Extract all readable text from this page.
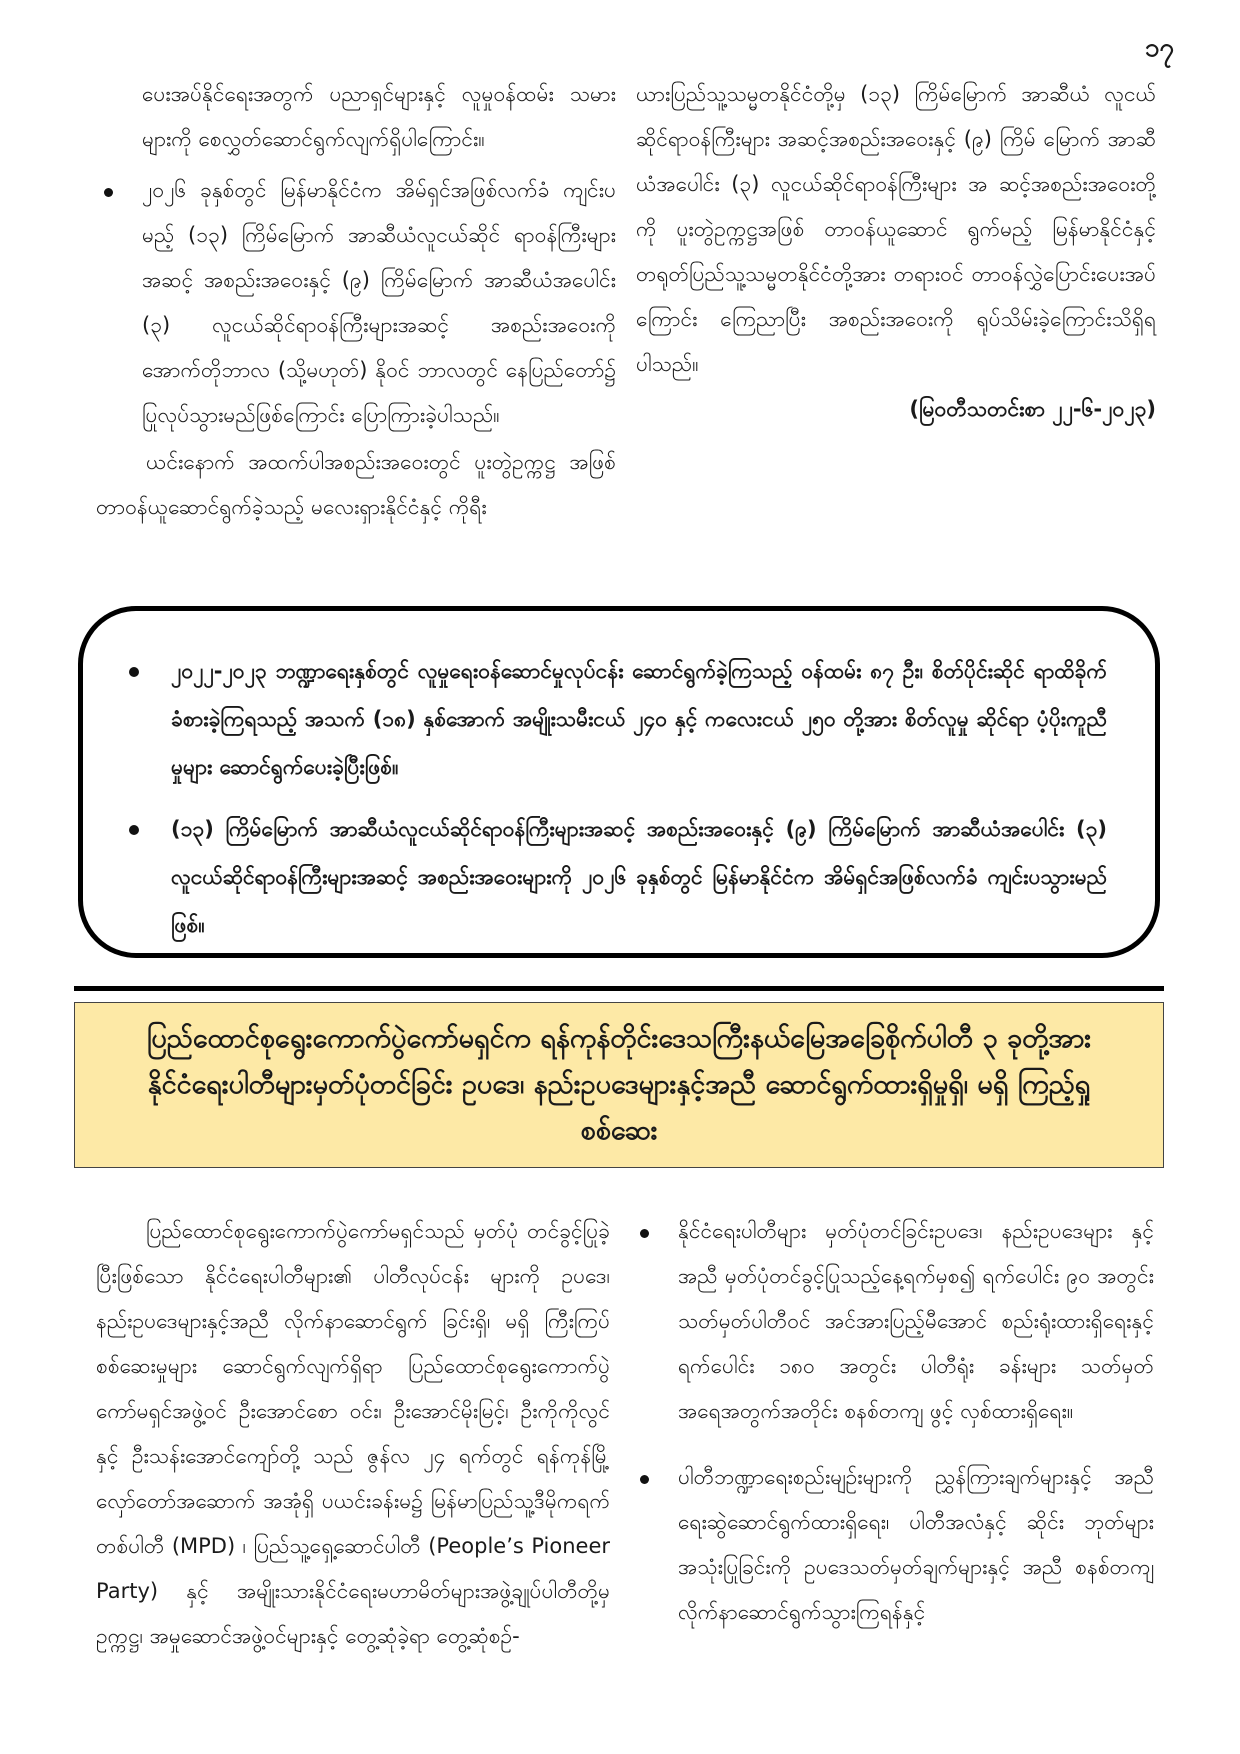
၁၇

ပေးအပ်နိုင်ရေးအတွက် ပညာရှင်များနှင့် လူမှုဝန်ထမ်း သမားများကို စေလွှတ်ဆောင်ရွက်လျက်ရှိပါကြောင်း။

၂၀၂၆ ခုနှစ်တွင် မြန်မာနိုင်ငံက အိမ်ရှင်အဖြစ်လက်ခံ ကျင်းပမည့် (၁၃) ကြိမ်မြောက် အာဆီယံလူငယ်ဆိုင် ရာဝန်ကြီးများအဆင့် အစည်းအဝေးနှင့် (၉) ကြိမ်မြောက် အာဆီယံအပေါင်း (၃) လူငယ်ဆိုင်ရာဝန်ကြီးများအဆင့် အစည်းအဝေးကို အောက်တိုဘာလ (သို့မဟုတ်) နိုဝင် ဘာလတွင် နေပြည်တော်၌ ပြုလုပ်သွားမည်ဖြစ်ကြောင်း ပြောကြားခဲ့ပါသည်။

ယင်းနောက် အထက်ပါအစည်းအဝေးတွင် ပူးတွဲဥက္ကဋ္ဌ အဖြစ် တာဝန်ယူဆောင်ရွက်ခဲ့သည့် မလေးရှားနိုင်ငံနှင့် ကိုရီး

ယားပြည်သူ့သမ္မတနိုင်ငံတို့မှ (၁၃) ကြိမ်မြောက် အာဆီယံ လူငယ်ဆိုင်ရာဝန်ကြီးများ အဆင့်အစည်းအဝေးနှင့် (၉) ကြိမ် မြောက် အာဆီယံအပေါင်း (၃) လူငယ်ဆိုင်ရာဝန်ကြီးများ အ ဆင့်အစည်းအဝေးတို့ကို ပူးတွဲဥက္ကဋ္ဌအဖြစ် တာဝန်ယူဆောင် ရွက်မည့် မြန်မာနိုင်ငံနှင့် တရုတ်ပြည်သူ့သမ္မတနိုင်ငံတို့အား တရားဝင် တာဝန်လွှဲပြောင်းပေးအပ်ကြောင်း ကြေညာပြီး အစည်းအဝေးကို ရုပ်သိမ်းခဲ့ကြောင်းသိရှိရပါသည်။

(မြဝတီသတင်းစာ ၂၂-၆-၂၀၂၃)

၂၀၂၂-၂၀၂၃ ဘဏ္ဍာရေးနှစ်တွင် လူမှုရေးဝန်ဆောင်မှုလုပ်ငန်း ဆောင်ရွက်ခဲ့ကြသည့် ဝန်ထမ်း ၈၇ ဦး၊ စိတ်ပိုင်းဆိုင် ရာထိခိုက်ခံစားခဲ့ကြရသည့် အသက် (၁၈) နှစ်အောက် အမျိုးသမီးငယ် ၂၄၀ နှင့် ကလေးငယ် ၂၅၀ တို့အား စိတ်လူမှု ဆိုင်ရာ ပံ့ပိုးကူညီမှုများ ဆောင်ရွက်ပေးခဲ့ပြီးဖြစ်။
(၁၃) ကြိမ်မြောက် အာဆီယံလူငယ်ဆိုင်ရာဝန်ကြီးများအဆင့် အစည်းအဝေးနှင့် (၉) ကြိမ်မြောက် အာဆီယံအပေါင်း (၃) လူငယ်ဆိုင်ရာဝန်ကြီးများအဆင့် အစည်းအဝေးများကို ၂၀၂၆ ခုနှစ်တွင် မြန်မာနိုင်ငံက အိမ်ရှင်အဖြစ်လက်ခံ ကျင်းပသွားမည်ဖြစ်။
ပြည်ထောင်စုရွေးကောက်ပွဲကော်မရှင်က ရန်ကုန်တိုင်းဒေသကြီးနယ်မြေအခြေစိုက်ပါတီ ၃ ခုတို့အား နိုင်ငံရေးပါတီများမှတ်ပုံတင်ခြင်း ဥပဒေ၊ နည်းဥပဒေများနှင့်အညီ ဆောင်ရွက်ထားရှိမှုရှိ၊ မရှိ ကြည့်ရှုစစ်ဆေး

ပြည်ထောင်စုရွေးကောက်ပွဲကော်မရှင်သည် မှတ်ပုံ တင်ခွင့်ပြုခဲ့ပြီးဖြစ်သော နိုင်ငံရေးပါတီများ၏ ပါတီလုပ်ငန်း များကို ဥပဒေ၊ နည်းဥပဒေများနှင့်အညီ လိုက်နာဆောင်ရွက် ခြင်းရှိ၊ မရှိ ကြီးကြပ်စစ်ဆေးမှုများ ဆောင်ရွက်လျက်ရှိရာ ပြည်ထောင်စုရွေးကောက်ပွဲကော်မရှင်အဖွဲ့ဝင် ဦးအောင်စော ဝင်း၊ ဦးအောင်မိုးမြင့်၊ ဦးကိုကိုလွင်နှင့် ဦးသန်းအောင်ကျော်တို့ သည် ဇွန်လ ၂၄ ရက်တွင် ရန်ကုန်မြို့ လှော်တော်အဆောက် အအုံရှိ ပယင်းခန်းမ၌ မြန်မာပြည်သူ့ဒီမိုကရက်တစ်ပါတီ (MPD) ၊ ပြည်သူ့ရှေ့ဆောင်ပါတီ (People’s Pioneer Party) နှင့် အမျိုးသားနိုင်ငံရေးမဟာမိတ်များအဖွဲ့ချုပ်ပါတီတို့မှ ဥက္ကဋ္ဌ၊ အမှုဆောင်အဖွဲ့ဝင်များနှင့် တွေ့ဆုံခဲ့ရာ တွေ့ဆုံစဉ်-

နိုင်ငံရေးပါတီများ မှတ်ပုံတင်ခြင်းဥပဒေ၊ နည်းဥပဒေများ နှင့်အညီ မှတ်ပုံတင်ခွင့်ပြုသည့်နေ့ရက်မှစ၍ ရက်ပေါင်း ၉၀ အတွင်း သတ်မှတ်ပါတီဝင် အင်အားပြည့်မီအောင် စည်းရုံးထားရှိရေးနှင့် ရက်ပေါင်း ၁၈၀ အတွင်း ပါတီရုံး ခန်းများ သတ်မှတ်အရေအတွက်အတိုင်း စနစ်တကျ ဖွင့် လှစ်ထားရှိရေး။

ပါတီဘဏ္ဍာရေးစည်းမျဉ်းများကို ညွှန်ကြားချက်များနှင့် အညီရေးဆွဲဆောင်ရွက်ထားရှိရေး၊ ပါတီအလံနှင့် ဆိုင်း ဘုတ်များ အသုံးပြုခြင်းကို ဥပဒေသတ်မှတ်ချက်များနှင့် အညီ စနစ်တကျ လိုက်နာဆောင်ရွက်သွားကြရန်နှင့်
